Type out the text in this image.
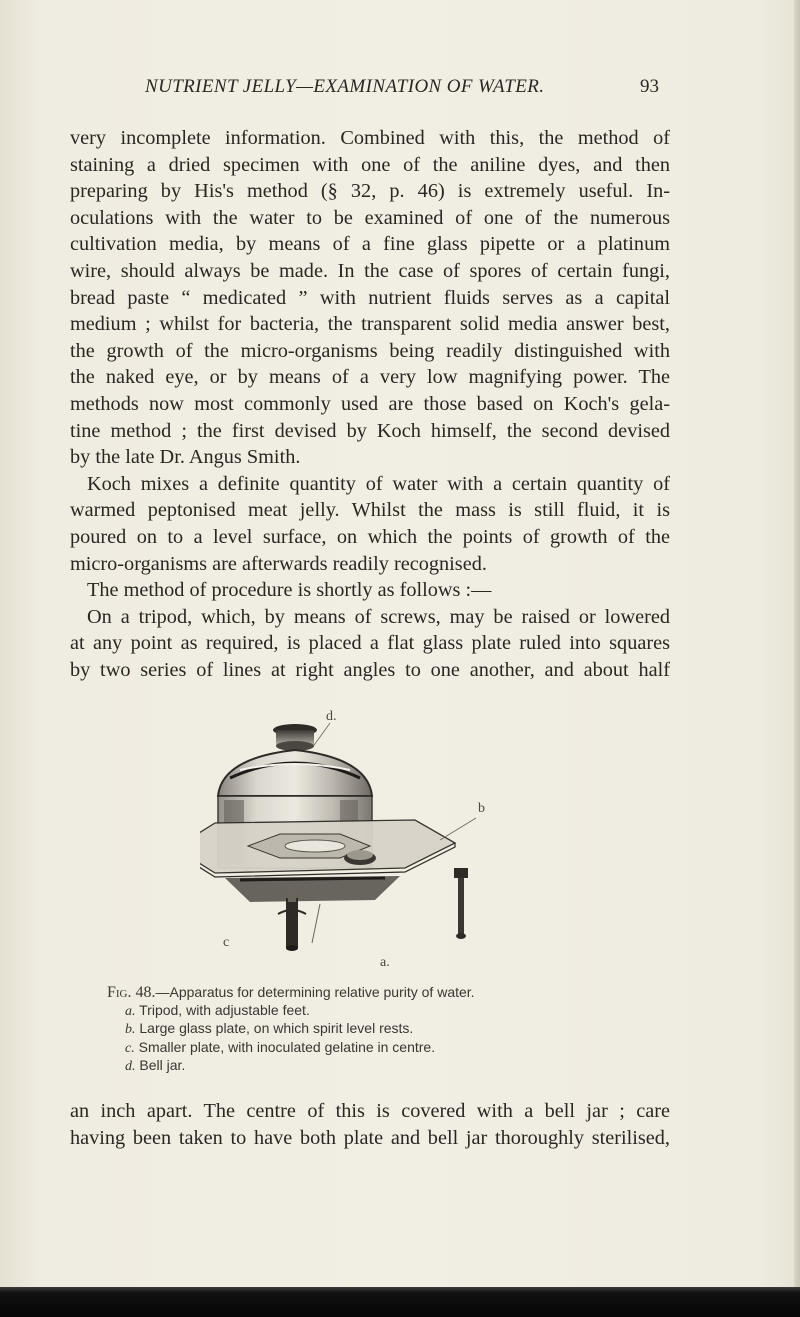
NUTRIENT JELLY—EXAMINATION OF WATER.	93
very incomplete information. Combined with this, the method of
staining a dried specimen with one of the aniline dyes, and then
preparing by His's method (§ 32, p. 46) is extremely useful. In-
oculations with the water to be examined of one of the numerous
cultivation media, by means of a fine glass pipette or a platinum
wire, should always be made. In the case of spores of certain fungi,
bread paste “ medicated ” with nutrient fluids serves as a capital
medium ; whilst for bacteria, the transparent solid media answer best,
the growth of the micro-organisms being readily distinguished with
the naked eye, or by means of a very low magnifying power. The
methods now most commonly used are those based on Koch's gela-
tine method ; the first devised by Koch himself, the second devised
by the late Dr. Angus Smith.
Koch mixes a definite quantity of water with a certain quantity of
warmed peptonised meat jelly. Whilst the mass is still fluid, it is
poured on to a level surface, on which the points of growth of the
micro-organisms are afterwards readily recognised.
The method of procedure is shortly as follows :—
On a tripod, which, by means of screws, may be raised or lowered
at any point as required, is placed a flat glass plate ruled into squares
by two series of lines at right angles to one another, and about half
d.
b
c
a.
Fig. 48.—Apparatus for determining relative purity of water.
a. Tripod, with adjustable feet.
b. Large glass plate, on which spirit level rests.
c. Smaller plate, with inoculated gelatine in centre.
d. Bell jar.
an inch apart. The centre of this is covered with a bell jar ; care
having been taken to have both plate and bell jar thoroughly sterilised,
